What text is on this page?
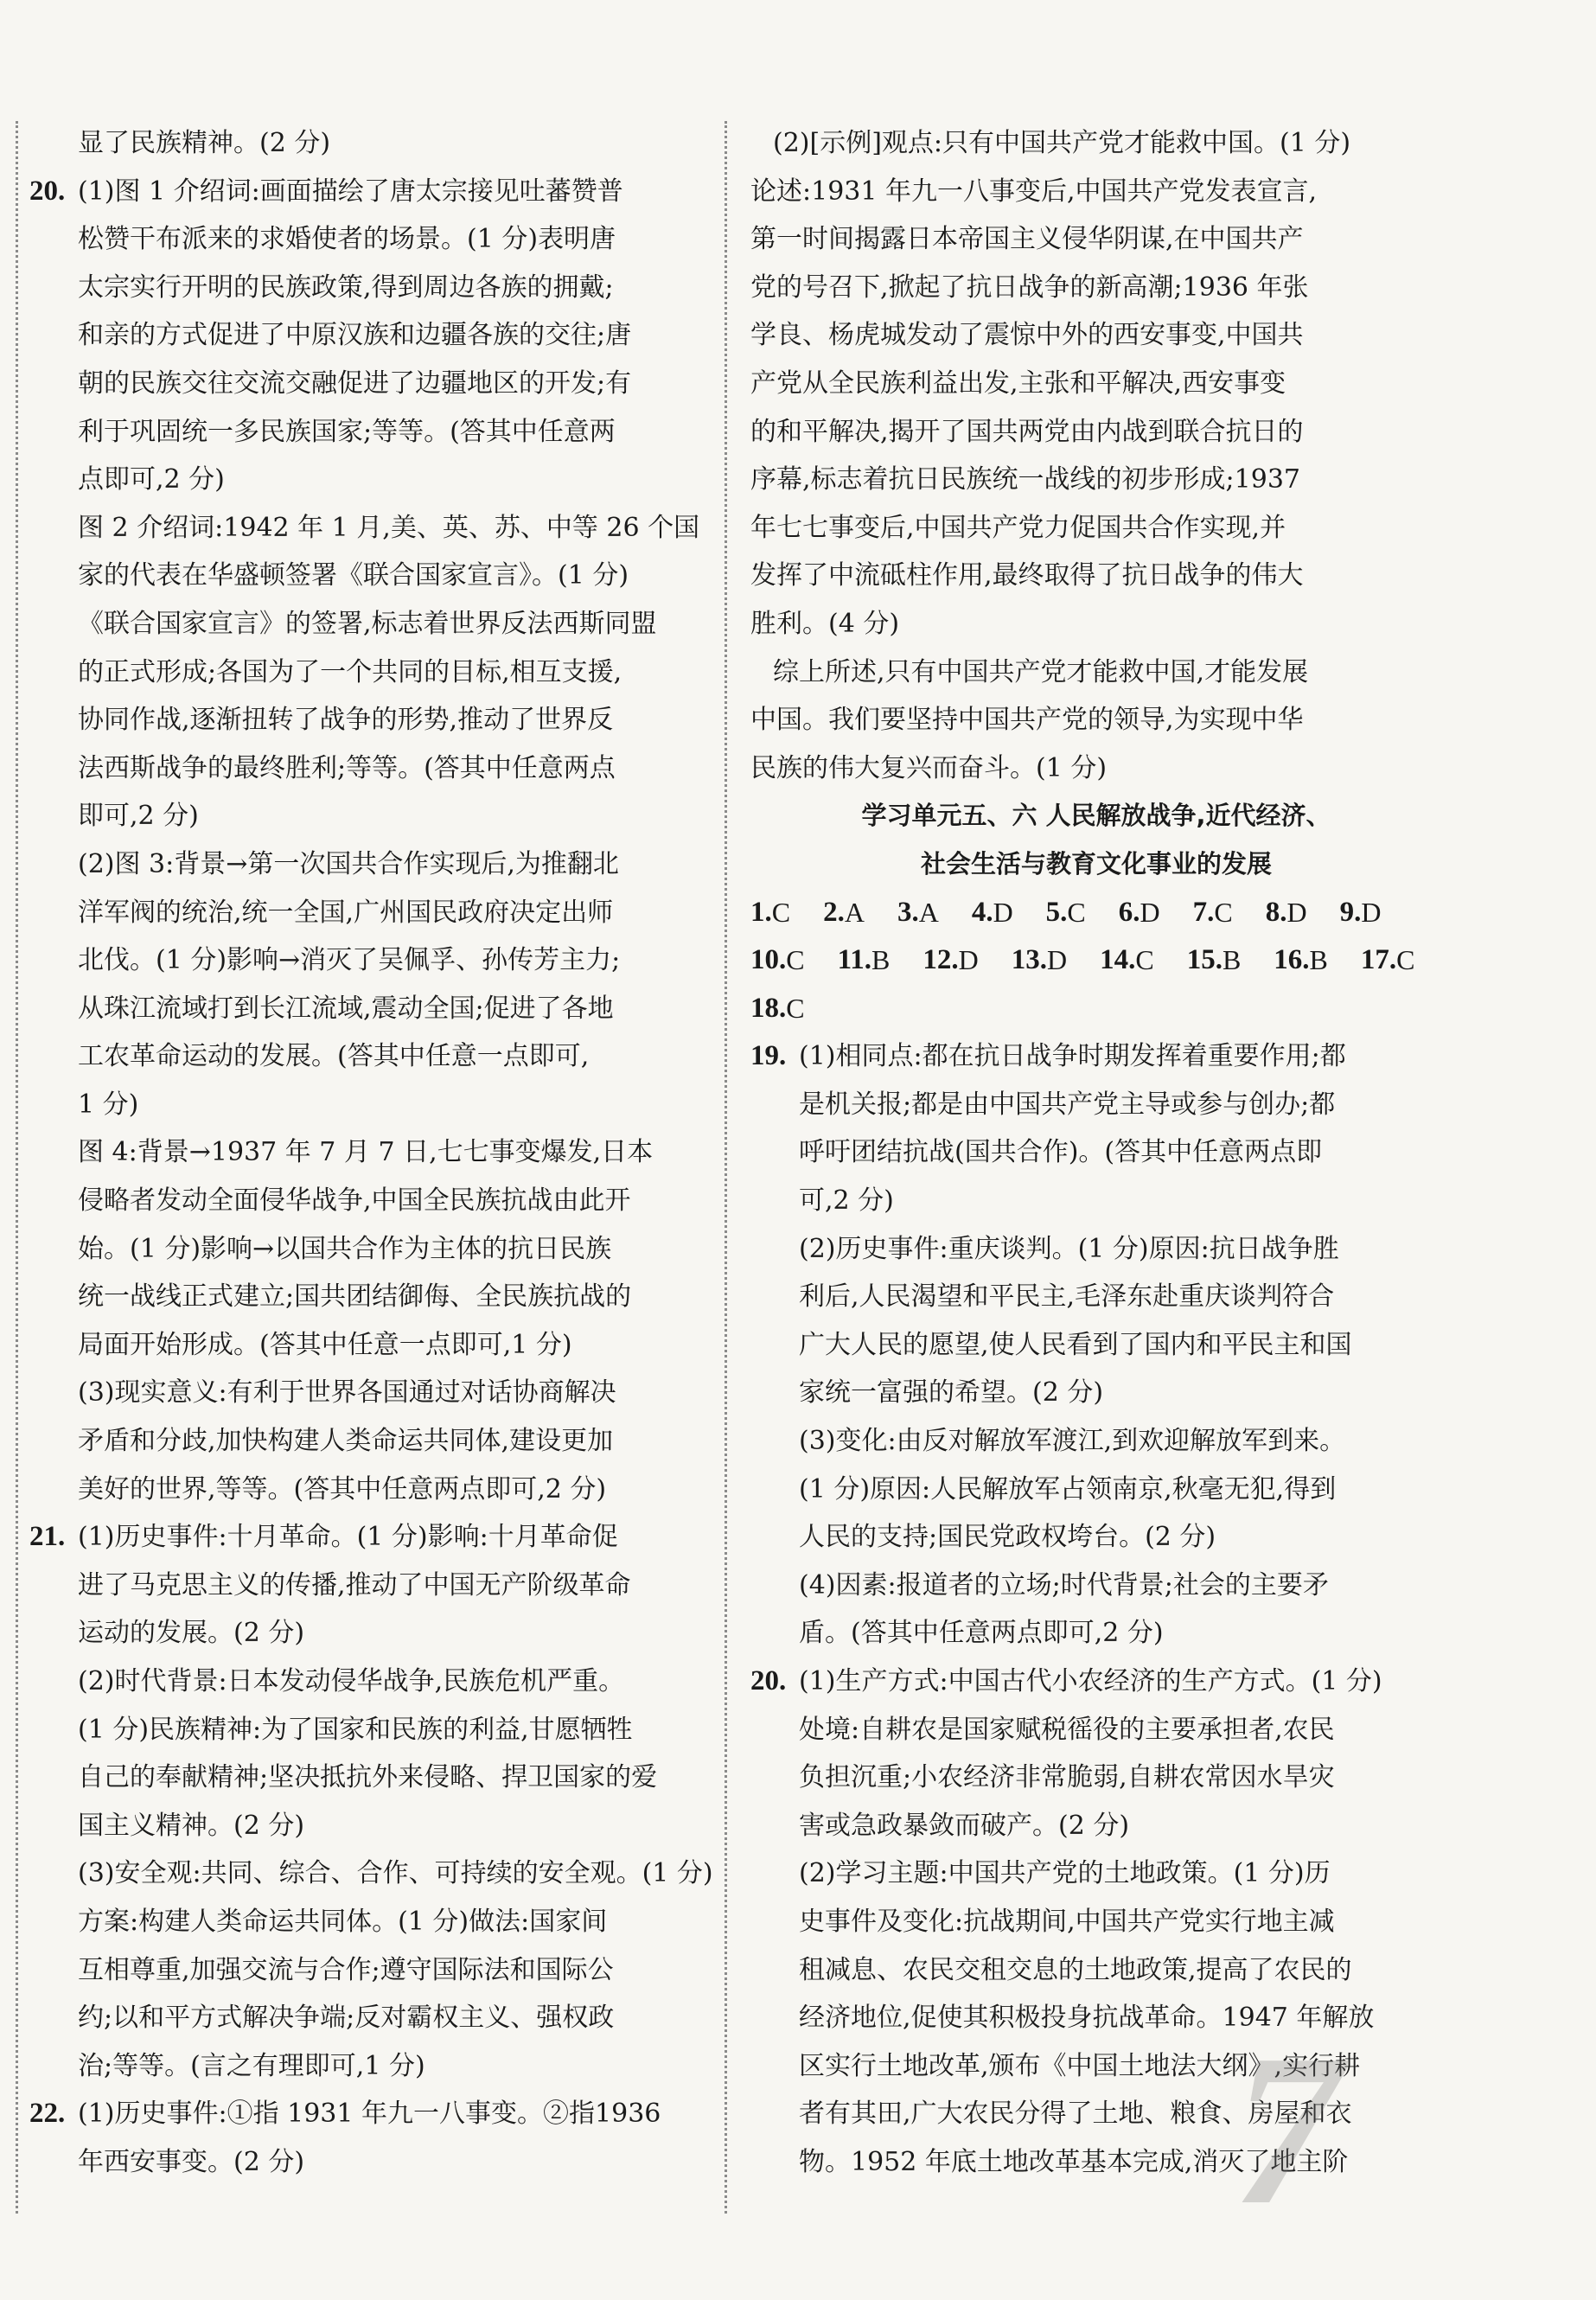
显了民族精神。(2 分)
20. (1)图 1 介绍词:画面描绘了唐太宗接见吐蕃赞普
松赞干布派来的求婚使者的场景。(1 分)表明唐
太宗实行开明的民族政策,得到周边各族的拥戴;
和亲的方式促进了中原汉族和边疆各族的交往;唐
朝的民族交往交流交融促进了边疆地区的开发;有
利于巩固统一多民族国家;等等。(答其中任意两
点即可,2 分)
图 2 介绍词:1942 年 1 月,美、英、苏、中等 26 个国
家的代表在华盛顿签署《联合国家宣言》。(1 分)
《联合国家宣言》的签署,标志着世界反法西斯同盟
的正式形成;各国为了一个共同的目标,相互支援,
协同作战,逐渐扭转了战争的形势,推动了世界反
法西斯战争的最终胜利;等等。(答其中任意两点
即可,2 分)
(2)图 3:背景→第一次国共合作实现后,为推翻北
洋军阀的统治,统一全国,广州国民政府决定出师
北伐。(1 分)影响→消灭了吴佩孚、孙传芳主力;
从珠江流域打到长江流域,震动全国;促进了各地
工农革命运动的发展。(答其中任意一点即可,
1 分)
图 4:背景→1937 年 7 月 7 日,七七事变爆发,日本
侵略者发动全面侵华战争,中国全民族抗战由此开
始。(1 分)影响→以国共合作为主体的抗日民族
统一战线正式建立;国共团结御侮、全民族抗战的
局面开始形成。(答其中任意一点即可,1 分)
(3)现实意义:有利于世界各国通过对话协商解决
矛盾和分歧,加快构建人类命运共同体,建设更加
美好的世界,等等。(答其中任意两点即可,2 分)
21. (1)历史事件:十月革命。(1 分)影响:十月革命促
进了马克思主义的传播,推动了中国无产阶级革命
运动的发展。(2 分)
(2)时代背景:日本发动侵华战争,民族危机严重。
(1 分)民族精神:为了国家和民族的利益,甘愿牺牲
自己的奉献精神;坚决抵抗外来侵略、捍卫国家的爱
国主义精神。(2 分)
(3)安全观:共同、综合、合作、可持续的安全观。(1 分)
方案:构建人类命运共同体。(1 分)做法:国家间
互相尊重,加强交流与合作;遵守国际法和国际公
约;以和平方式解决争端;反对霸权主义、强权政
治;等等。(言之有理即可,1 分)
22. (1)历史事件:①指 1931 年九一八事变。②指1936
年西安事变。(2 分)
(2)[示例]观点:只有中国共产党才能救中国。(1 分)
论述:1931 年九一八事变后,中国共产党发表宣言,
第一时间揭露日本帝国主义侵华阴谋,在中国共产
党的号召下,掀起了抗日战争的新高潮;1936 年张
学良、杨虎城发动了震惊中外的西安事变,中国共
产党从全民族利益出发,主张和平解决,西安事变
的和平解决,揭开了国共两党由内战到联合抗日的
序幕,标志着抗日民族统一战线的初步形成;1937
年七七事变后,中国共产党力促国共合作实现,并
发挥了中流砥柱作用,最终取得了抗日战争的伟大
胜利。(4 分)
综上所述,只有中国共产党才能救中国,才能发展
中国。我们要坚持中国共产党的领导,为实现中华
民族的伟大复兴而奋斗。(1 分)
学习单元五、六 人民解放战争,近代经济、
社会生活与教育文化事业的发展
1. C 2. A 3. A 4. D 5. C 6. D 7. C 8. D 9. D
10. C 11. B 12. D 13. D 14. C 15. B 16. B 17. C
18. C
19. (1)相同点:都在抗日战争时期发挥着重要作用;都
是机关报;都是由中国共产党主导或参与创办;都
呼吁团结抗战(国共合作)。(答其中任意两点即
可,2 分)
(2)历史事件:重庆谈判。(1 分)原因:抗日战争胜
利后,人民渴望和平民主,毛泽东赴重庆谈判符合
广大人民的愿望,使人民看到了国内和平民主和国
家统一富强的希望。(2 分)
(3)变化:由反对解放军渡江,到欢迎解放军到来。
(1 分)原因:人民解放军占领南京,秋毫无犯,得到
人民的支持;国民党政权垮台。(2 分)
(4)因素:报道者的立场;时代背景;社会的主要矛
盾。(答其中任意两点即可,2 分)
20. (1)生产方式:中国古代小农经济的生产方式。(1 分)
处境:自耕农是国家赋税徭役的主要承担者,农民
负担沉重;小农经济非常脆弱,自耕农常因水旱灾
害或急政暴敛而破产。(2 分)
(2)学习主题:中国共产党的土地政策。(1 分)历
史事件及变化:抗战期间,中国共产党实行地主减
租减息、农民交租交息的土地政策,提高了农民的
经济地位,促使其积极投身抗战革命。1947 年解放
区实行土地改革,颁布《中国土地法大纲》,实行耕
者有其田,广大农民分得了土地、粮食、房屋和衣
物。1952 年底土地改革基本完成,消灭了地主阶
7
